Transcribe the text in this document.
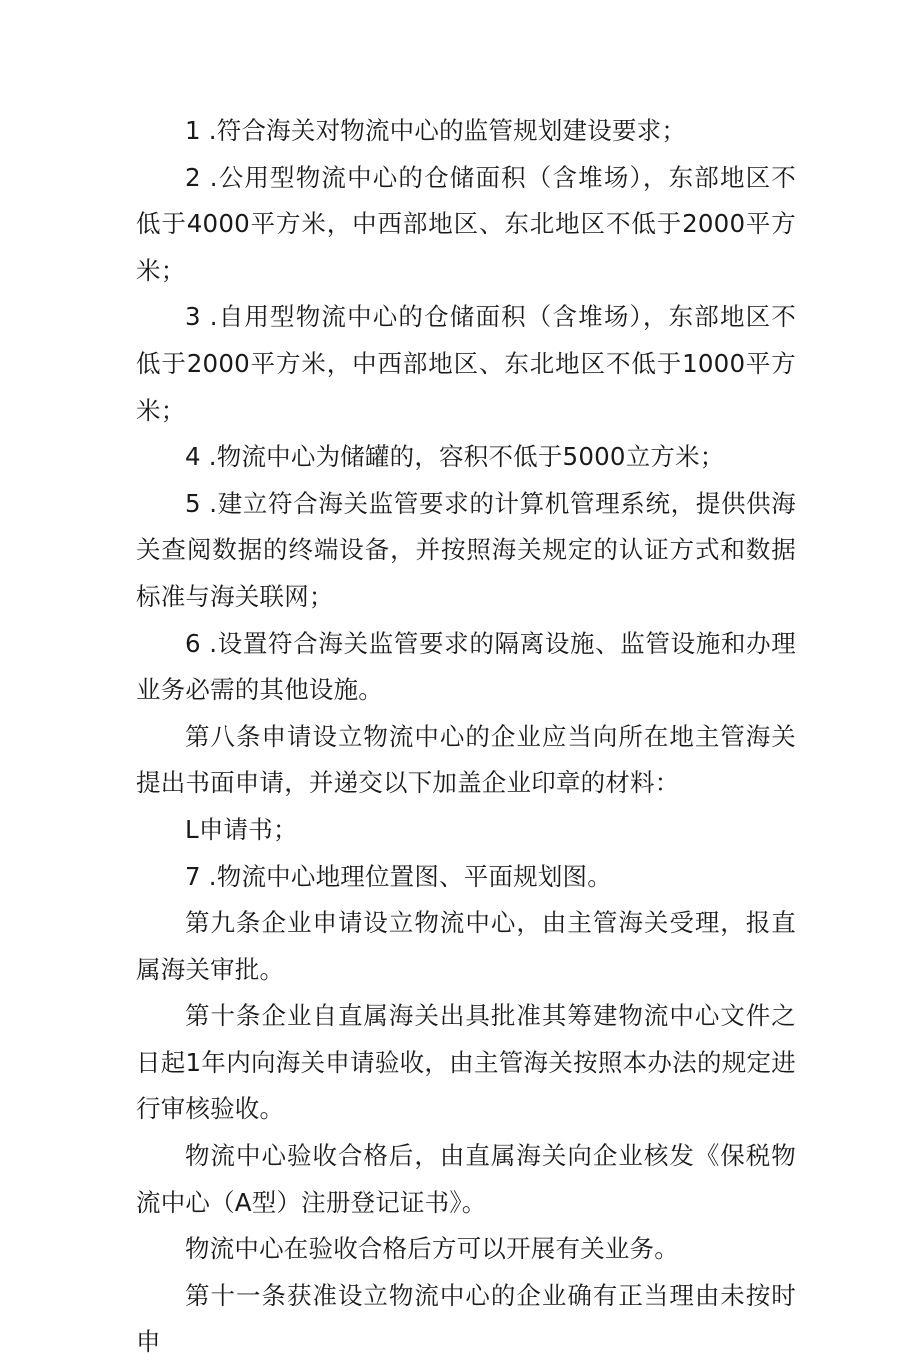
1 .符合海关对物流中心的监管规划建设要求；

2 .公用型物流中心的仓储面积（含堆场），东部地区不低于4000平方米，中西部地区、东北地区不低于2000平方米；

3 .自用型物流中心的仓储面积（含堆场），东部地区不低于2000平方米，中西部地区、东北地区不低于1000平方米；

4 .物流中心为储罐的，容积不低于5000立方米；

5 .建立符合海关监管要求的计算机管理系统，提供供海关查阅数据的终端设备，并按照海关规定的认证方式和数据标准与海关联网；

6 .设置符合海关监管要求的隔离设施、监管设施和办理业务必需的其他设施。

第八条申请设立物流中心的企业应当向所在地主管海关提出书面申请，并递交以下加盖企业印章的材料：

L申请书；

7 .物流中心地理位置图、平面规划图。

第九条企业申请设立物流中心，由主管海关受理，报直属海关审批。

第十条企业自直属海关出具批准其筹建物流中心文件之日起1年内向海关申请验收，由主管海关按照本办法的规定进行审核验收。

物流中心验收合格后，由直属海关向企业核发《保税物流中心（A型）注册登记证书》。

物流中心在验收合格后方可以开展有关业务。

第十一条获准设立物流中心的企业确有正当理由未按时申
